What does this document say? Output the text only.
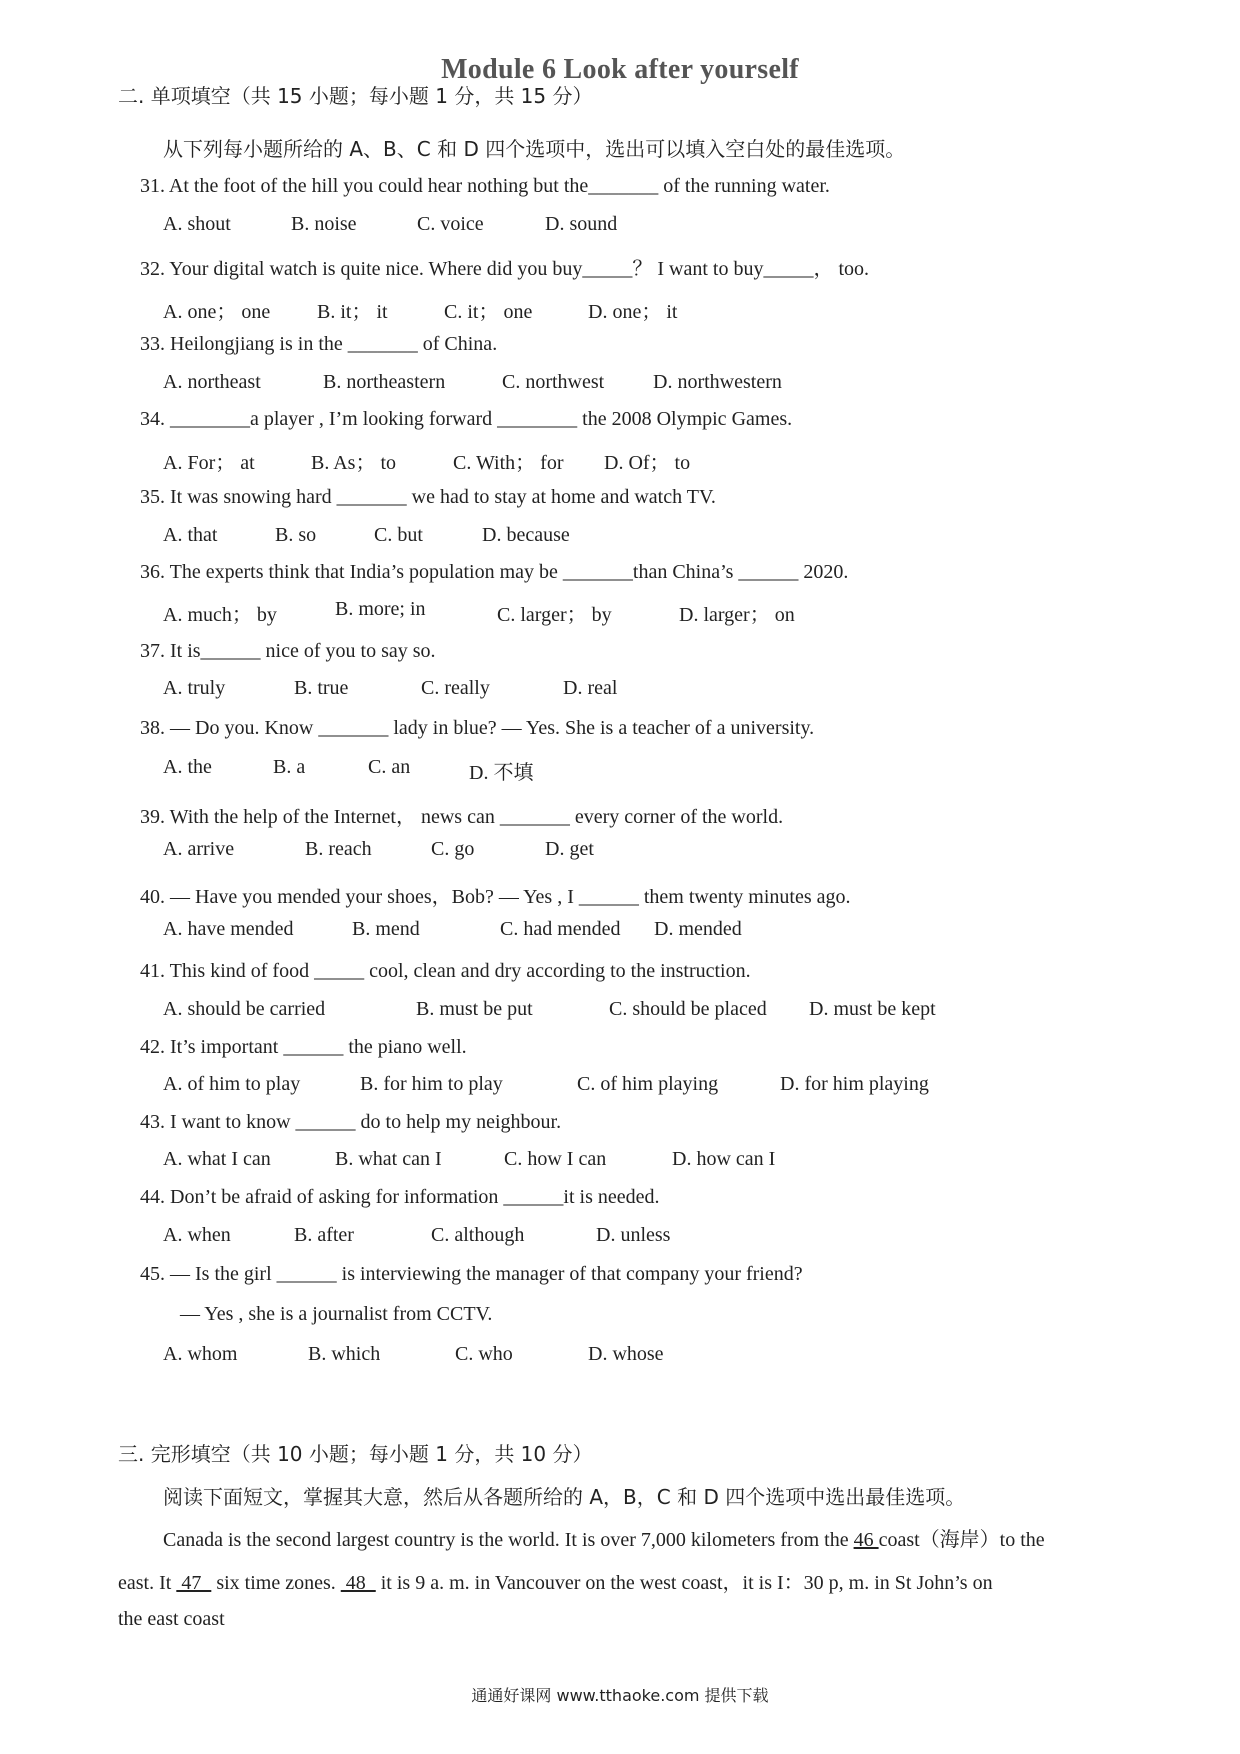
Module 6 Look after yourself
二. 单项填空（共 15 小题；每小题 1 分，共 15 分）
从下列每小题所给的 A、B、C 和 D 四个选项中，选出可以填入空白处的最佳选项。
31. At the foot of the hill you could hear nothing but the_______ of the running water.
A. shout	B. noise	C. voice	D. sound
32. Your digital watch is quite nice. Where did you buy_____？ I want to buy_____， too.
A. one； one B. it； it	C. it； one	D. one； it
33. Heilongjiang is in the _______ of China.
A. northeast	B. northeastern	C. northwest D. northwestern
34. ________a player , I’m looking forward ________ the 2008 Olympic Games.
A. For； at	B. As； to	C. With； for D. Of； to
35. It was snowing hard _______ we had to stay at home and watch TV.
A. that	B. so	C. but	D. because
36. The experts think that India’s population may be _______than China’s ______ 2020.
A. much； by	B. more; in	C. larger； by	D. larger； on
37. It is______ nice of you to say so.
A. truly	B. true	C. really	D. real
38. — Do you. Know _______ lady in blue? — Yes. She is a teacher of a university.
A. the	B. a	C. an	D. 不填
39. With the help of the Internet， news can _______ every corner of the world.
A. arrive	B. reach	C. go	D. get
40. — Have you mended your shoes，Bob? — Yes , I ______ them twenty minutes ago.
A. have mended	B. mend	C. had mended D. mended
41. This kind of food _____ cool, clean and dry according to the instruction.
A. should be carried	B. must be put	C. should be placed D. must be kept
42. It’s important ______ the piano well.
A. of him to play	B. for him to play	C. of him playing	D. for him playing
43. I want to know ______ do to help my neighbour.
A. what I can	B. what can I	C. how I can	D. how can I
44. Don’t be afraid of asking for information ______it is needed.
A. when	B. after	C. although	D. unless
45. — Is the girl ______ is interviewing the manager of that company your friend?
— Yes , she is a journalist from CCTV.
A. whom	B. which	C. who	D. whose
三. 完形填空（共 10 小题；每小题 1 分，共 10 分）
阅读下面短文，掌握其大意，然后从各题所给的 A，B，C 和 D 四个选项中选出最佳选项。
Canada is the second largest country is the world. It is over 7,000 kilometers from the 46 coast（海岸）to the
east. It  47   six time zones.  48   it is 9 a. m. in Vancouver on the west coast，it is I：30 p, m. in St John’s on
the east coast
通通好课网 www.tthaoke.com 提供下载
